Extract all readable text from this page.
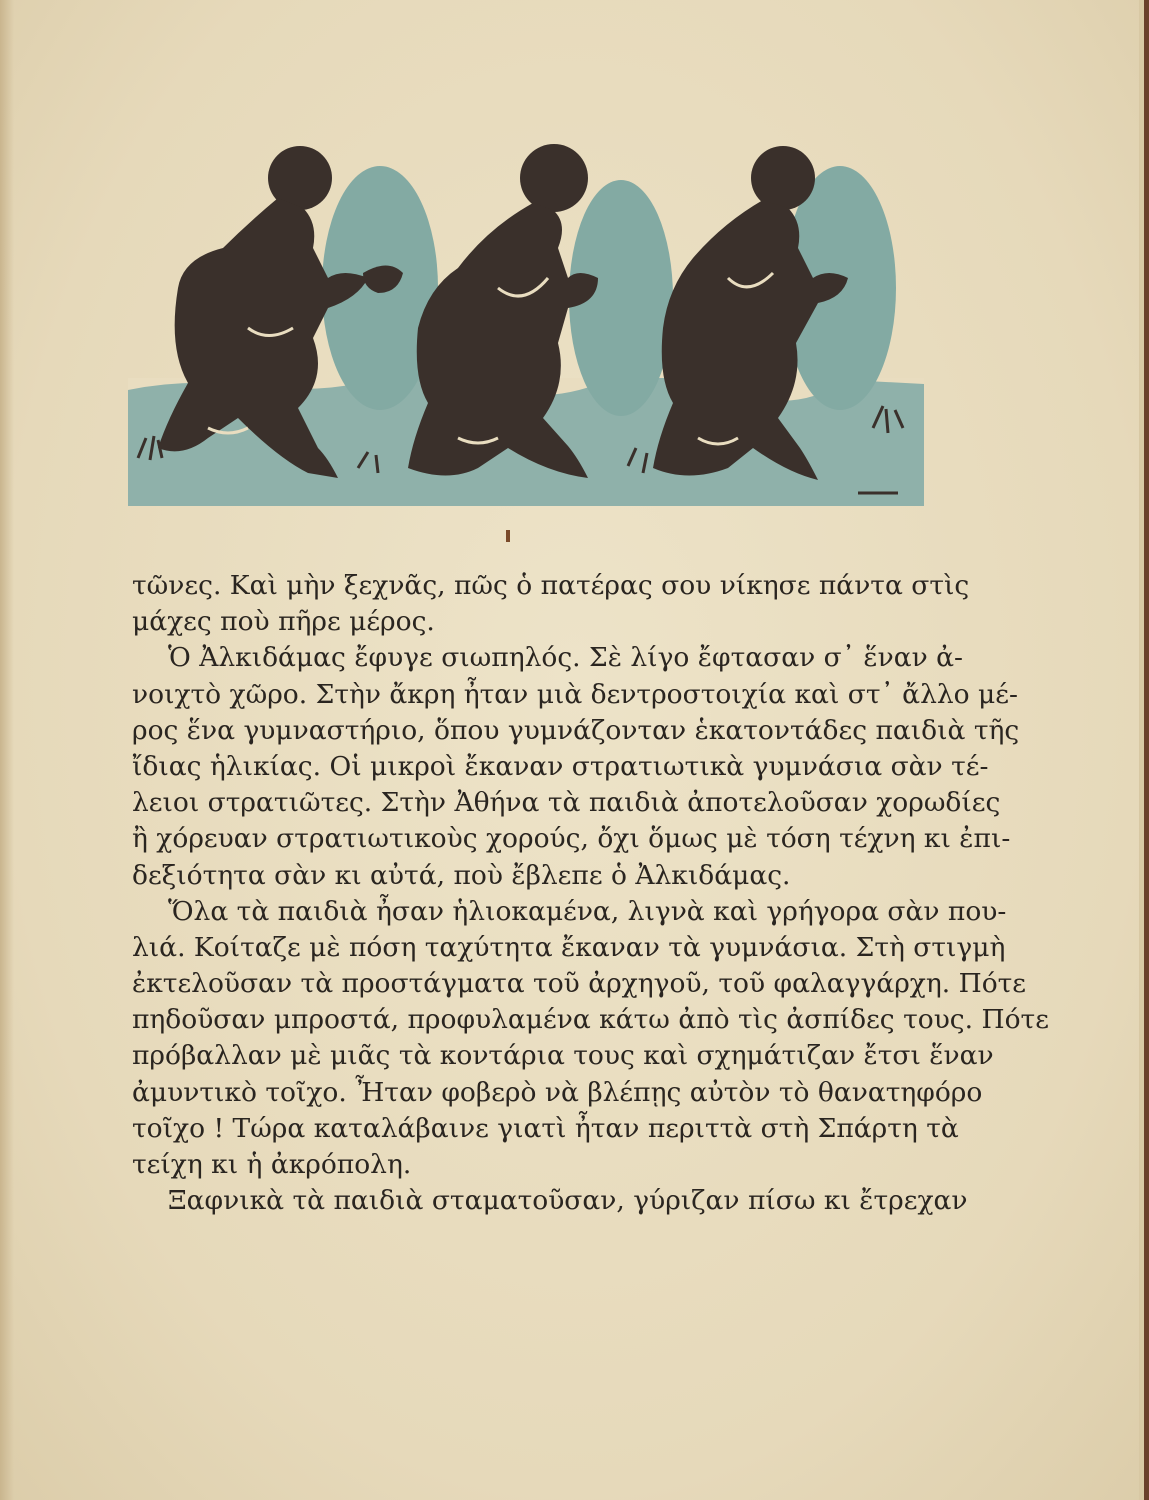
τῶνες. Καὶ μὴν ξεχνᾶς, πῶς ὁ πατέρας σου νίκησε πάντα στὶς
μάχες ποὺ πῆρε μέρος.
Ὁ Ἀλκιδάμας ἔφυγε σιωπηλός. Σὲ λίγο ἔφτασαν σ᾽ ἕναν ἀ-
νοιχτὸ χῶρο. Στὴν ἄκρη ἦταν μιὰ δεντροστοιχία καὶ στ᾽ ἄλλο μέ-
ρος ἕνα γυμναστήριο, ὅπου γυμνάζονταν ἑκατοντάδες παιδιὰ τῆς
ἴδιας ἡλικίας. Οἱ μικροὶ ἔκαναν στρατιωτικὰ γυμνάσια σὰν τέ-
λειοι στρατιῶτες. Στὴν Ἀθήνα τὰ παιδιὰ ἀποτελοῦσαν χορωδίες
ἢ χόρευαν στρατιωτικοὺς χορούς, ὄχι ὅμως μὲ τόση τέχνη κι ἐπι-
δεξιότητα σὰν κι αὐτά, ποὺ ἔβλεπε ὁ Ἀλκιδάμας.
Ὅλα τὰ παιδιὰ ἦσαν ἡλιοκαμένα, λιγνὰ καὶ γρήγορα σὰν που-
λιά. Κοίταζε μὲ πόση ταχύτητα ἔκαναν τὰ γυμνάσια. Στὴ στιγμὴ
ἐκτελοῦσαν τὰ προστάγματα τοῦ ἀρχηγοῦ, τοῦ φαλαγγάρχη. Πότε
πηδοῦσαν μπροστά, προφυλαμένα κάτω ἀπὸ τὶς ἀσπίδες τους. Πότε
πρόβαλλαν μὲ μιᾶς τὰ κοντάρια τους καὶ σχημάτιζαν ἔτσι ἕναν
ἀμυντικὸ τοῖχο. Ἦταν φοβερὸ νὰ βλέπῃς αὐτὸν τὸ θανατηφόρο
τοῖχο ! Τώρα καταλάβαινε γιατὶ ἦταν περιττὰ στὴ Σπάρτη τὰ
τείχη κι ἡ ἀκρόπολη.
Ξαφνικὰ τὰ παιδιὰ σταματοῦσαν, γύριζαν πίσω κι ἔτρεχαν
